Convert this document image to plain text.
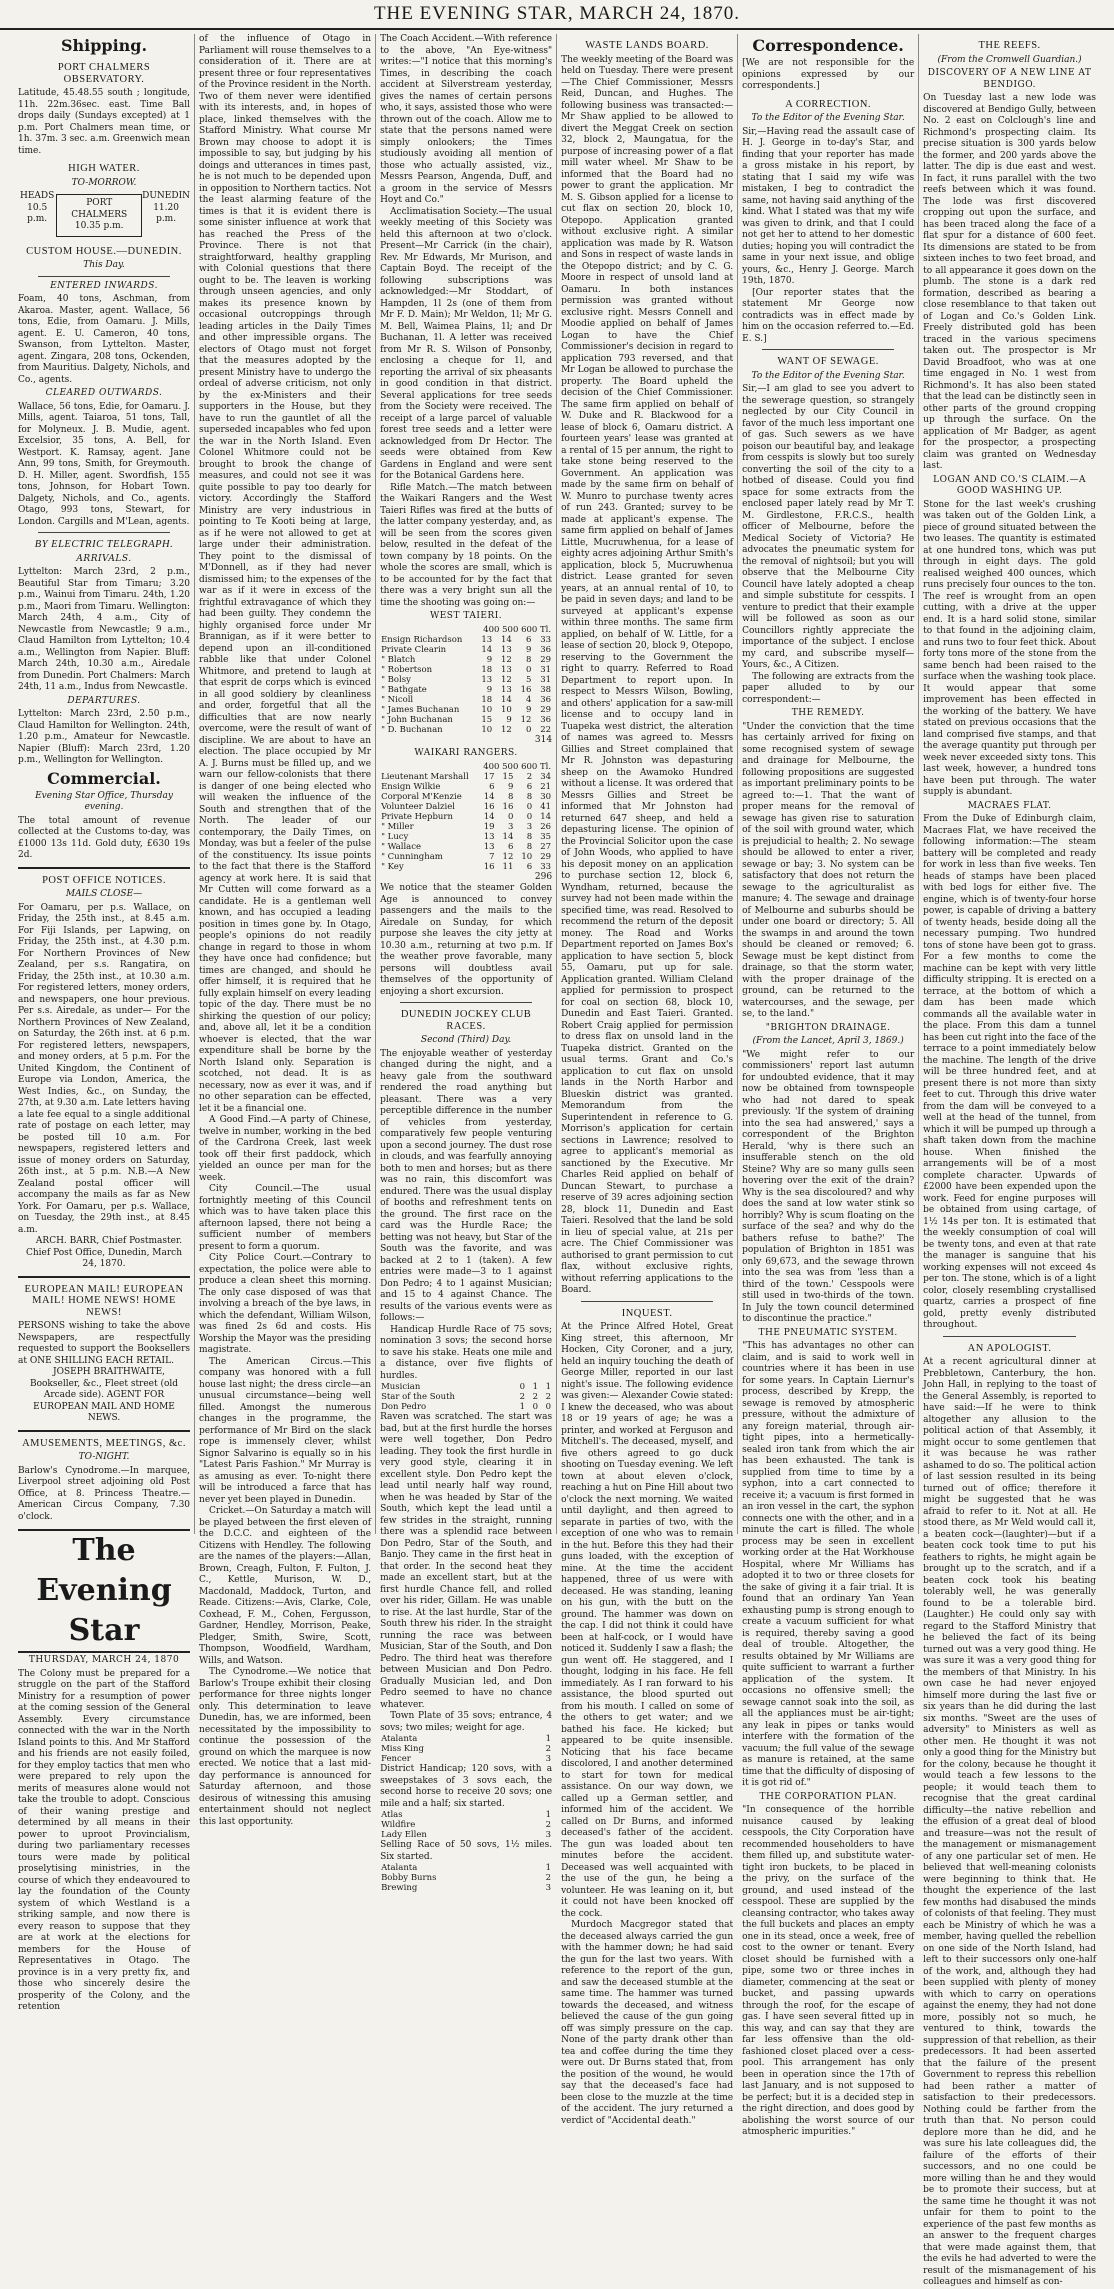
THE EVENING STAR, MARCH 24, 1870.
Shipping.
PORT CHALMERS OBSERVATORY.

Latitude, 45.48.55 south ; longitude, 11h. 22m.36sec. east. Time Ball drops daily (Sundays excepted) at 1 p.m. Port Chalmers mean time, or 1h. 37m. 3 sec. a.m. Greenwich mean time.

HIGH WATER.
TO-MORROW.
HEADS
10.5 p.m.
PORT CHALMERS
10.35 p.m.
DUNEDIN
11.20 p.m.
CUSTOM HOUSE.—DUNEDIN.
This Day.
ENTERED INWARDS.

Foam, 40 tons, Aschman, from Akaroa. Master, agent. Wallace, 56 tons, Edie, from Oamaru. J. Mills, agent. E. U. Cameron, 40 tons, Swanson, from Lyttelton. Master, agent. Zingara, 208 tons, Ockenden, from Mauritius. Dalgety, Nichols, and Co., agents.

CLEARED OUTWARDS.

Wallace, 56 tons, Edie, for Oamaru. J. Mills, agent. Taiaroa, 51 tons, Tall, for Molyneux. J. B. Mudie, agent. Excelsior, 35 tons, A. Bell, for Westport. K. Ramsay, agent. Jane Ann, 99 tons, Smith, for Greymouth. D. H. Miller, agent. Swordfish, 155 tons, Johnson, for Hobart Town. Dalgety, Nichols, and Co., agents. Otago, 993 tons, Stewart, for London. Cargills and M'Lean, agents.

BY ELECTRIC TELEGRAPH.
ARRIVALS.

Lyttelton: March 23rd, 2 p.m., Beautiful Star from Timaru; 3.20 p.m., Wainui from Timaru. 24th, 1.20 p.m., Maori from Timaru. Wellington: March 24th, 4 a.m., City of Newcastle from Newcastle; 9 a.m., Claud Hamilton from Lyttelton; 10.4 a.m., Wellington from Napier. Bluff: March 24th, 10.30 a.m., Airedale from Dunedin. Port Chalmers: March 24th, 11 a.m., Indus from Newcastle.

DEPARTURES.

Lyttelton: March 23rd, 2.50 p.m., Claud Hamilton for Wellington. 24th, 1.20 p.m., Amateur for Newcastle. Napier (Bluff): March 23rd, 1.20 p.m., Wellington for Wellington.

Commercial.
Evening Star Office, Thursday evening.

The total amount of revenue collected at the Customs to-day, was £1000 13s 11d. Gold duty, £630 19s 2d.

POST OFFICE NOTICES.
MAILS CLOSE—

For Oamaru, per p.s. Wallace, on Friday, the 25th inst., at 8.45 a.m. For Fiji Islands, per Lapwing, on Friday, the 25th inst., at 4.30 p.m. For Northern Provinces of New Zealand, per s.s. Rangatira, on Friday, the 25th inst., at 10.30 a.m. For registered letters, money orders, and newspapers, one hour previous. Per s.s. Airedale, as under— For the Northern Provinces of New Zealand, on Saturday, the 26th inst. at 6 p.m. For registered letters, newspapers, and money orders, at 5 p.m. For the United Kingdom, the Continent of Europe via London, America, the West Indies, &c., on Sunday, the 27th, at 9.30 a.m. Late letters having a late fee equal to a single additional rate of postage on each letter, may be posted till 10 a.m. For newspapers, registered letters and issue of money orders on Saturday, 26th inst., at 5 p.m. N.B.—A New Zealand postal officer will accompany the mails as far as New York. For Oamaru, per p.s. Wallace, on Tuesday, the 29th inst., at 8.45 a.m.

ARCH. BARR, Chief Postmaster. Chief Post Office, Dunedin, March 24, 1870.

EUROPEAN MAIL! EUROPEAN MAIL! HOME NEWS! HOME NEWS!

PERSONS wishing to take the above Newspapers, are respectfully requested to support the Booksellers at ONE SHILLING EACH RETAIL.

JOSEPH BRAITHWAITE, Bookseller, &c., Fleet street (old Arcade side). AGENT FOR EUROPEAN MAIL AND HOME NEWS.

AMUSEMENTS, MEETINGS, &c.
TO-NIGHT.

Barlow's Cynodrome.—In marquee, Liverpool street adjoining old Post Office, at 8. Princess Theatre.—American Circus Company, 7.30 o'clock.

The Evening Star
THURSDAY, MARCH 24, 1870

The Colony must be prepared for a struggle on the part of the Stafford Ministry for a resumption of power at the coming session of the General Assembly. Every circumstance connected with the war in the North Island points to this. And Mr Stafford and his friends are not easily foiled, for they employ tactics that men who were prepared to rely upon the merits of measures alone would not take the trouble to adopt. Conscious of their waning prestige and determined by all means in their power to uproot Provincialism, during two parliamentary recesses tours were made by political proselytising ministries, in the course of which they endeavoured to lay the foundation of the County system of which Westland is a striking sample, and now there is every reason to suppose that they are at work at the elections for members for the House of Representatives in Otago. The province is in a very pretty fix, and those who sincerely desire the prosperity of the Colony, and the retention

of the influence of Otago in Parliament will rouse themselves to a consideration of it. There are at present three or four representatives of the Province resident in the North. Two of them never were identified with its interests, and, in hopes of place, linked themselves with the Stafford Ministry. What course Mr Brown may choose to adopt it is impossible to say, but judging by his doings and utterances in times past, he is not much to be depended upon in opposition to Northern tactics. Not the least alarming feature of the times is that it is evident there is some sinister influence at work that has reached the Press of the Province. There is not that straightforward, healthy grappling with Colonial questions that there ought to be. The leaven is working through unseen agencies, and only makes its presence known by occasional outcroppings through leading articles in the Daily Times and other impressible organs. The electors of Otago must not forget that the measures adopted by the present Ministry have to undergo the ordeal of adverse criticism, not only by the ex-Ministers and their supporters in the House, but they have to run the gauntlet of all the superseded incapables who fed upon the war in the North Island. Even Colonel Whitmore could not be brought to brook the change of measures, and could not see it was quite possible to pay too dearly for victory. Accordingly the Stafford Ministry are very industrious in pointing to Te Kooti being at large, as if he were not allowed to get at large under their administration. They point to the dismissal of M'Donnell, as if they had never dismissed him; to the expenses of the war as if it were in excess of the frightful extravagance of which they had been guilty. They condemn the highly organised force under Mr Brannigan, as if it were better to depend upon an ill-conditioned rabble like that under Colonel Whitmore, and pretend to laugh at that esprit de corps which is evinced in all good soldiery by cleanliness and order, forgetful that all the difficulties that are now nearly overcome, were the result of want of discipline. We are about to have an election. The place occupied by Mr A. J. Burns must be filled up, and we warn our fellow-colonists that there is danger of one being elected who will weaken the influence of the South and strengthen that of the North. The leader of our contemporary, the Daily Times, on Monday, was but a feeler of the pulse of the constituency. Its issue points to the fact that there is the Stafford agency at work here. It is said that Mr Cutten will come forward as a candidate. He is a gentleman well known, and has occupied a leading position in times gone by. In Otago, people's opinions do not readily change in regard to those in whom they have once had confidence; but times are changed, and should he offer himself, it is required that he fully explain himself on every leading topic of the day. There must be no shirking the question of our policy; and, above all, let it be a condition whoever is elected, that the war expenditure shall be borne by the North Island only. Separation is scotched, not dead. It is as necessary, now as ever it was, and if no other separation can be effected, let it be a financial one.

A Good Find.—A party of Chinese, twelve in number, working in the bed of the Cardrona Creek, last week took off their first paddock, which yielded an ounce per man for the week.

City Council.—The usual fortnightly meeting of this Council which was to have taken place this afternoon lapsed, there not being a sufficient number of members present to form a quorum.

City Police Court.—Contrary to expectation, the police were able to produce a clean sheet this morning. The only case disposed of was that involving a breach of the bye laws, in which the defendant, William Wilson, was fined 2s 6d and costs. His Worship the Mayor was the presiding magistrate.

The American Circus.—This company was honored with a full house last night; the dress circle—an unusual circumstance—being well filled. Amongst the numerous changes in the programme, the performance of Mr Bird on the slack rope is immensely clever, whilst Signor Salvarino is equally so in his "Latest Paris Fashion." Mr Murray is as amusing as ever. To-night there will be introduced a farce that has never yet been played in Dunedin.

Cricket.—On Saturday a match will be played between the first eleven of the D.C.C. and eighteen of the Citizens with Hendley. The following are the names of the players:—Allan, Brown, Creagh, Fulton, F. Fulton, J. C., Kettle, Murison, W. D., Macdonald, Maddock, Turton, and Reade. Citizens:—Avis, Clarke, Cole, Coxhead, F. M., Cohen, Fergusson, Gardner, Hendley, Morrison, Peake, Pledger, Smith, Swire, Scott, Thompson, Woodfield, Wardham, Wills, and Watson.

The Cynodrome.—We notice that Barlow's Troupe exhibit their closing performance for three nights longer only. This determination to leave Dunedin, has, we are informed, been necessitated by the impossibility to continue the possession of the ground on which the marquee is now erected. We notice that a last mid-day performance is announced for Saturday afternoon, and those desirous of witnessing this amusing entertainment should not neglect this last opportunity.

The Coach Accident.—With reference to the above, "An Eye-witness" writes:—"I notice that this morning's Times, in describing the coach accident at Silverstream yesterday, gives the names of certain persons who, it says, assisted those who were thrown out of the coach. Allow me to state that the persons named were simply onlookers; the Times studiously avoiding all mention of those who actually assisted, viz., Messrs Pearson, Angenda, Duff, and a groom in the service of Messrs Hoyt and Co."

Acclimatisation Society.—The usual weekly meeting of this Society was held this afternoon at two o'clock. Present—Mr Carrick (in the chair), Rev. Mr Edwards, Mr Murison, and Captain Boyd. The receipt of the following subscriptions was acknowledged:—Mr Stoddart, of Hampden, 1l 2s (one of them from Mr F. D. Main); Mr Weldon, 1l; Mr G. M. Bell, Waimea Plains, 1l; and Dr Buchanan, 1l. A letter was received from Mr R. S. Wilson of Ponsonby, enclosing a cheque for 1l, and reporting the arrival of six pheasants in good condition in that district. Several applications for tree seeds from the Society were received. The receipt of a large parcel of valuable forest tree seeds and a letter were acknowledged from Dr Hector. The seeds were obtained from Kew Gardens in England and were sent for the Botanical Gardens here.

Rifle Match.—The match between the Waikari Rangers and the West Taieri Rifles was fired at the butts of the latter company yesterday, and, as will be seen from the scores given below, resulted in the defeat of the town company by 18 points. On the whole the scores are small, which is to be accounted for by the fact that there was a very bright sun all the time the shooting was going on:—

WEST TAIERI.
	400 500 600 Tl.			
Ensign Richardson	13	14	6	33
Private Clearin	14	13	9	36
" Blatch	9	12	8	29
" Robertson	18	13	0	31
" Bolsy	13	12	5	31
" Bathgate	9	13	16	38
" Nicoll	18	14	4	36
" James Buchanan	10	10	9	29
" John Buchanan	15	9	12	36
" D. Buchanan	10	12	0	22
314
WAIKARI RANGERS.
	400 500 600 Tl.			
Lieutenant Marshall	17	15	2	34
Ensign Wilkie	6	9	6	21
Corporal M'Kenzie	14	8	8	30
Volunteer Dalziel	16	16	0	41
Private Hepburn	14	0	0	14
" Miller	19	3	3	26
" Lucy	13	14	8	35
" Wallace	13	6	8	27
" Cunningham	7	12	10	29
" Key	16	11	6	33
296

We notice that the steamer Golden Age is announced to convey passengers and the mails to the Airedale on Sunday, for which purpose she leaves the city jetty at 10.30 a.m., returning at two p.m. If the weather prove favorable, many persons will doubtless avail themselves of the opportunity of enjoying a short excursion.

DUNEDIN JOCKEY CLUB RACES.
Second (Third) Day.

The enjoyable weather of yesterday changed during the night, and a heavy gale from the southward rendered the road anything but pleasant. There was a very perceptible difference in the number of vehicles from yesterday, comparatively few people venturing upon a second journey. The dust rose in clouds, and was fearfully annoying both to men and horses; but as there was no rain, this discomfort was endured. There was the usual display of booths and refreshment tents on the ground. The first race on the card was the Hurdle Race; the betting was not heavy, but Star of the South was the favorite, and was backed at 2 to 1 (taken). A few entries were made—3 to 1 against Don Pedro; 4 to 1 against Musician; and 15 to 4 against Chance. The results of the various events were as follows:—

Handicap Hurdle Race of 75 sovs; nomination 3 sovs; the second horse to save his stake. Heats one mile and a distance, over five flights of hurdles.

Musician	0	1	1
Star of the South	2	2	2
Don Pedro	1	0	0

Raven was scratched. The start was bad, but at the first hurdle the horses were well together, Don Pedro leading. They took the first hurdle in very good style, clearing it in excellent style. Don Pedro kept the lead until nearly half way round, when he was headed by Star of the South, which kept the lead until a few strides in the straight, running there was a splendid race between Don Pedro, Star of the South, and Banjo. They came in the first heat in that order. In the second heat they made an excellent start, but at the first hurdle Chance fell, and rolled over his rider, Gillam. He was unable to rise. At the last hurdle, Star of the South threw his rider. In the straight running the race was between Musician, Star of the South, and Don Pedro. The third heat was therefore between Musician and Don Pedro. Gradually Musician led, and Don Pedro seemed to have no chance whatever.

Town Plate of 35 sovs; entrance, 4 sovs; two miles; weight for age.

Atalanta	1
Miss King	2
Fencer	3

District Handicap; 120 sovs, with a sweepstakes of 3 sovs each, the second horse to receive 20 sovs; one mile and a half; six started.

Atlas	1
Wildfire	2
Lady Ellen	3

Selling Race of 50 sovs, 1½ miles. Six started.

Atalanta	1
Bobby Burns	2
Brewing	3
WASTE LANDS BOARD.

The weekly meeting of the Board was held on Tuesday. There were present—The Chief Commissioner, Messrs Reid, Duncan, and Hughes. The following business was transacted:— Mr Shaw applied to be allowed to divert the Meggat Creek on section 32, block 2, Maungatua, for the purpose of increasing power of a flat mill water wheel. Mr Shaw to be informed that the Board had no power to grant the application. Mr M. S. Gibson applied for a license to cut flax on section 20, block 10, Otepopo. Application granted without exclusive right. A similar application was made by R. Watson and Sons in respect of waste lands in the Otepopo district; and by C. G. Moore in respect of unsold land at Oamaru. In both instances permission was granted without exclusive right. Messrs Connell and Moodie applied on behalf of James Logan to have the Chief Commissioner's decision in regard to application 793 reversed, and that Mr Logan be allowed to purchase the property. The Board upheld the decision of the Chief Commissioner. The same firm applied on behalf of W. Duke and R. Blackwood for a lease of block 6, Oamaru district. A fourteen years' lease was granted at a rental of 15 per annum, the right to take stone being reserved to the Government. An application was made by the same firm on behalf of W. Munro to purchase twenty acres of run 243. Granted; survey to be made at applicant's expense. The same firm applied on behalf of James Little, Mucruwhenua, for a lease of eighty acres adjoining Arthur Smith's application, block 5, Mucruwhenua district. Lease granted for seven years, at an annual rental of 10, to be paid in seven days; and land to be surveyed at applicant's expense within three months. The same firm applied, on behalf of W. Little, for a lease of section 20, block 9, Otepopo, reserving to the Government the right to quarry. Referred to Road Department to report upon. In respect to Messrs Wilson, Bowling, and others' application for a saw-mill license and to occupy land in Tuapeka west district, the alteration of names was agreed to. Messrs Gillies and Street complained that Mr R. Johnston was depasturing sheep on the Awamoko Hundred without a license. It was ordered that Messrs Gillies and Street be informed that Mr Johnston had returned 647 sheep, and held a depasturing license. The opinion of the Provincial Solicitor upon the case of John Woods, who applied to have his deposit money on an application to purchase section 12, block 6, Wyndham, returned, because the survey had not been made within the specified time, was read. Resolved to recommend the return of the deposit money. The Road and Works Department reported on James Box's application to have section 5, block 55, Oamaru, put up for sale. Application granted. William Cleland applied for permission to prospect for coal on section 68, block 10, Dunedin and East Taieri. Granted. Robert Craig applied for permission to dress flax on unsold land in the Tuapeka district. Granted on the usual terms. Grant and Co.'s application to cut flax on unsold lands in the North Harbor and Blueskin district was granted. Memorandum from the Superintendent in reference to G. Morrison's application for certain sections in Lawrence; resolved to agree to applicant's memorial as sanctioned by the Executive. Mr Charles Reid applied on behalf of Duncan Stewart, to purchase a reserve of 39 acres adjoining section 28, block 11, Dunedin and East Taieri. Resolved that the land be sold in lieu of special value, at 21s per acre. The Chief Commissioner was authorised to grant permission to cut flax, without exclusive rights, without referring applications to the Board.

INQUEST.

At the Prince Alfred Hotel, Great King street, this afternoon, Mr Hocken, City Coroner, and a jury, held an inquiry touching the death of George Miller, reported in our last night's issue. The following evidence was given:— Alexander Cowie stated: I knew the deceased, who was about 18 or 19 years of age; he was a printer, and worked at Ferguson and Mitchell's. The deceased, myself, and five others agreed to go duck shooting on Tuesday evening. We left town at about eleven o'clock, reaching a hut on Pine Hill about two o'clock the next morning. We waited until daylight, and then agreed to separate in parties of two, with the exception of one who was to remain in the hut. Before this they had their guns loaded, with the exception of mine. At the time the accident happened, three of us were with deceased. He was standing, leaning on his gun, with the butt on the ground. The hammer was down on the cap. I did not think it could have been at half-cock, or I would have noticed it. Suddenly I saw a flash; the gun went off. He staggered, and I thought, lodging in his face. He fell immediately. As I ran forward to his assistance, the blood spurted out from his mouth. I called on some of the others to get water; and we bathed his face. He kicked; but appeared to be quite insensible. Noticing that his face became discolored, I and another determined to start for town for medical assistance. On our way down, we called up a German settler, and informed him of the accident. We called on Dr Burns, and informed deceased's father of the accident. The gun was loaded about ten minutes before the accident. Deceased was well acquainted with the use of the gun, he being a volunteer. He was leaning on it, but it could not have been knocked off the cock.

Murdoch Macgregor stated that the deceased always carried the gun with the hammer down; he had said the gun for the last two years. With reference to the report of the gun, and saw the deceased stumble at the same time. The hammer was turned towards the deceased, and witness believed the cause of the gun going off was simply pressure on the cap. None of the party drank other than tea and coffee during the time they were out. Dr Burns stated that, from the position of the wound, he would say that the deceased's face had been close to the muzzle at the time of the accident. The jury returned a verdict of "Accidental death."

Correspondence.

[We are not responsible for the opinions expressed by our correspondents.]

A CORRECTION.
To the Editor of the Evening Star.

Sir,—Having read the assault case of H. J. George in to-day's Star, and finding that your reporter has made a gross mistake in his report, by stating that I said my wife was mistaken, I beg to contradict the same, not having said anything of the kind. What I stated was that my wife was given to drink, and that I could not get her to attend to her domestic duties; hoping you will contradict the same in your next issue, and oblige yours, &c., Henry J. George. March 19th, 1870.

[Our reporter states that the statement Mr George now contradicts was in effect made by him on the occasion referred to.—Ed. E. S.]

WANT OF SEWAGE.
To the Editor of the Evening Star.

Sir,—I am glad to see you advert to the sewerage question, so strangely neglected by our City Council in favor of the much less important one of gas. Such sewers as we have poison our beautiful bay, and leakage from cesspits is slowly but too surely converting the soil of the city to a hotbed of disease. Could you find space for some extracts from the enclosed paper lately read by Mr T. M. Girdlestone, F.R.C.S., health officer of Melbourne, before the Medical Society of Victoria? He advocates the pneumatic system for the removal of nightsoil; but you will observe that the Melbourne City Council have lately adopted a cheap and simple substitute for cesspits. I venture to predict that their example will be followed as soon as our Councillors rightly appreciate the importance of the subject. I enclose my card, and subscribe myself—Yours, &c., A Citizen.

The following are extracts from the paper alluded to by our correspondent:—

THE REMEDY.

"Under the conviction that the time has certainly arrived for fixing on some recognised system of sewage and drainage for Melbourne, the following propositions are suggested as important preliminary points to be agreed to:—1. That the want of proper means for the removal of sewage has given rise to saturation of the soil with ground water, which is prejudicial to health; 2. No sewage should be allowed to enter a river, sewage or bay; 3. No system can be satisfactory that does not return the sewage to the agriculturalist as manure; 4. The sewage and drainage of Melbourne and suburbs should be under one board or directory; 5. All the swamps in and around the town should be cleaned or removed; 6. Sewage must be kept distinct from drainage, so that the storm water, with the proper drainage of the ground, can be returned to the watercourses, and the sewage, per se, to the land."

"BRIGHTON DRAINAGE.
(From the Lancet, April 3, 1869.)

"We might refer to our commissioners' report last autumn for undoubted evidence, that it may now be obtained from townspeople who had not dared to speak previously. 'If the system of draining into the sea had answered,' says a correspondent of the Brighton Herald, 'why is there such an insufferable stench on the old Steine? Why are so many gulls seen hovering over the exit of the drain? Why is the sea discoloured? and why does the sand at low water stink so horribly? Why is scum floating on the surface of the sea? and why do the bathers refuse to bathe?' The population of Brighton in 1851 was only 69,673, and the sewage thrown into the sea was from 'less than a third of the town.' Cesspools were still used in two-thirds of the town. In July the town council determined to discontinue the practice."

THE PNEUMATIC SYSTEM.

"This has advantages no other can claim, and is said to work well in countries where it has been in use for some years. In Captain Liernur's process, described by Krepp, the sewage is removed by atmospheric pressure, without the admixture of any foreign material, through air-tight pipes, into a hermetically-sealed iron tank from which the air has been exhausted. The tank is supplied from time to time by a syphon, into a cart connected to receive it; a vacuum is first formed in an iron vessel in the cart, the syphon connects one with the other, and in a minute the cart is filled. The whole process may be seen in excellent working order at the Hat Workhouse Hospital, where Mr Williams has adopted it to two or three closets for the sake of giving it a fair trial. It is found that an ordinary Yan Yean exhausting pump is strong enough to create a vacuum sufficient for what is required, thereby saving a good deal of trouble. Altogether, the results obtained by Mr Williams are quite sufficient to warrant a further application of the system. It occasions no offensive smell; the sewage cannot soak into the soil, as all the appliances must be air-tight; any leak in pipes or tanks would interfere with the formation of the vacuum; the full value of the sewage as manure is retained, at the same time that the difficulty of disposing of it is got rid of."

THE CORPORATION PLAN.

"In consequence of the horrible nuisance caused by leaking cesspools, the City Corporation have recommended householders to have them filled up, and substitute water-tight iron buckets, to be placed in the privy, on the surface of the ground, and used instead of the cesspool. These are supplied by the cleansing contractor, who takes away the full buckets and places an empty one in its stead, once a week, free of cost to the owner or tenant. Every closet should be furnished with a pipe, some two or three inches in diameter, commencing at the seat or bucket, and passing upwards through the roof, for the escape of gas. I have seen several fitted up in this way, and can say that they are far less offensive than the old-fashioned closet placed over a cess-pool. This arrangement has only been in operation since the 17th of last January, and is not supposed to be perfect; but it is a decided step in the right direction, and does good by abolishing the worst source of our atmospheric impurities."

THE REEFS.
(From the Cromwell Guardian.)
DISCOVERY OF A NEW LINE AT BENDIGO.

On Tuesday last a new lode was discovered at Bendigo Gully, between No. 2 east on Colclough's line and Richmond's prospecting claim. Its precise situation is 300 yards below the former, and 200 yards above the latter. The dip is due east and west. In fact, it runs parallel with the two reefs between which it was found. The lode was first discovered cropping out upon the surface, and has been traced along the face of a flat spur for a distance of 600 feet. Its dimensions are stated to be from sixteen inches to two feet broad, and to all appearance it goes down on the plumb. The stone is a dark red formation, described as bearing a close resemblance to that taken out of Logan and Co.'s Golden Link. Freely distributed gold has been traced in the various specimens taken out. The prospector is Mr David Broadfoot, who was at one time engaged in No. 1 west from Richmond's. It has also been stated that the lead can be distinctly seen in other parts of the ground cropping up through the surface. On the application of Mr Badger, as agent for the prospector, a prospecting claim was granted on Wednesday last.

LOGAN AND CO.'S CLAIM.—A GOOD WASHING UP.

Stone for the last week's crushing was taken out of the Golden Link, a piece of ground situated between the two leases. The quantity is estimated at one hundred tons, which was put through in eight days. The gold realised weighed 400 ounces, which runs precisely four ounces to the ton. The reef is wrought from an open cutting, with a drive at the upper end. It is a hard solid stone, similar to that found in the adjoining claim, and runs two to four feet thick. About forty tons more of the stone from the same bench had been raised to the surface when the washing took place. It would appear that some improvement has been effected in the working of the battery. We have stated on previous occasions that the land comprised five stamps, and that the average quantity put through per week never exceeded sixty tons. This last week, however, a hundred tons have been put through. The water supply is abundant.

MACRAES FLAT.

From the Duke of Edinburgh claim, Macraes Flat, we have received the following information:—The steam battery will be completed and ready for work in less than five weeks. Ten heads of stamps have been placed with bed logs for either five. The engine, which is of twenty-four horse power, is capable of driving a battery of twenty heads, beside doing all the necessary pumping. Two hundred tons of stone have been got to grass. For a few months to come the machine can be kept with very little difficulty stripping. It is erected on a terrace, at the bottom of which a dam has been made which commands all the available water in the place. From this dam a tunnel has been cut right into the face of the terrace to a point immediately below the machine. The length of the drive will be three hundred feet, and at present there is not more than sixty feet to cut. Through this drive water from the dam will be conveyed to a well at the head of the tunnel, from which it will be pumped up through a shaft taken down from the machine house. When finished the arrangements will be of a most complete character. Upwards of £2000 have been expended upon the work. Feed for engine purposes will be obtained from using cartage, of 1½ 14s per ton. It is estimated that the weekly consumption of coal will be twenty tons, and even at that rate the manager is sanguine that his working expenses will not exceed 4s per ton. The stone, which is of a light color, closely resembling crystallised quartz, carries a prospect of fine gold, pretty evenly distributed throughout.

AN APOLOGIST.

At a recent agricultural dinner at Prebbletown, Canterbury, the hon. John Hall, in replying to the toast of the General Assembly, is reported to have said:—If he were to think altogether any allusion to the political action of that Assembly, it might occur to some gentlemen that it was because he was rather ashamed to do so. The political action of last session resulted in its being turned out of office; therefore it might be suggested that he was afraid to refer to it. Not at all. He stood there, as Mr Weld would call it, a beaten cock—(laughter)—but if a beaten cock took time to put his feathers to rights, he might again be brought up to the scratch, and if a beaten cock took his beating tolerably well, he was generally found to be a tolerable bird. (Laughter.) He could only say with regard to the Stafford Ministry that he believed the fact of its being turned out was a very good thing. He was sure it was a very good thing for the members of that Ministry. In his own case he had never enjoyed himself more during the last five or six years than he did during the last six months. "Sweet are the uses of adversity" to Ministers as well as other men. He thought it was not only a good thing for the Ministry but for the colony, because he thought it would teach a few lessons to the people; it would teach them to recognise that the great cardinal difficulty—the native rebellion and the effusion of a great deal of blood and treasure—was not the result of the management or mismanagement of any one particular set of men. He believed that well-meaning colonists were beginning to think that. He thought the experience of the last few months had disabused the minds of colonists of that feeling. They must each be Ministry of which he was a member, having quelled the rebellion on one side of the North Island, had left to their successors only one-half of the work, and, although they had been supplied with plenty of money with which to carry on operations against the enemy, they had not done more, possibly not so much, he ventured to think, towards the suppression of that rebellion, as their predecessors. It had been asserted that the failure of the present Government to repress this rebellion had been rather a matter of satisfaction to their predecessors. Nothing could be farther from the truth than that. No person could deplore more than he did, and he was sure his late colleagues did, the failure of the efforts of their successors, and no one could be more willing than he and they would be to promote their success, but at the same time he thought it was not unfair for them to point to the experience of the past few months as an answer to the frequent charges that were made against them, that the evils he had adverted to were the result of the mismanagement of his colleagues and himself as con-
